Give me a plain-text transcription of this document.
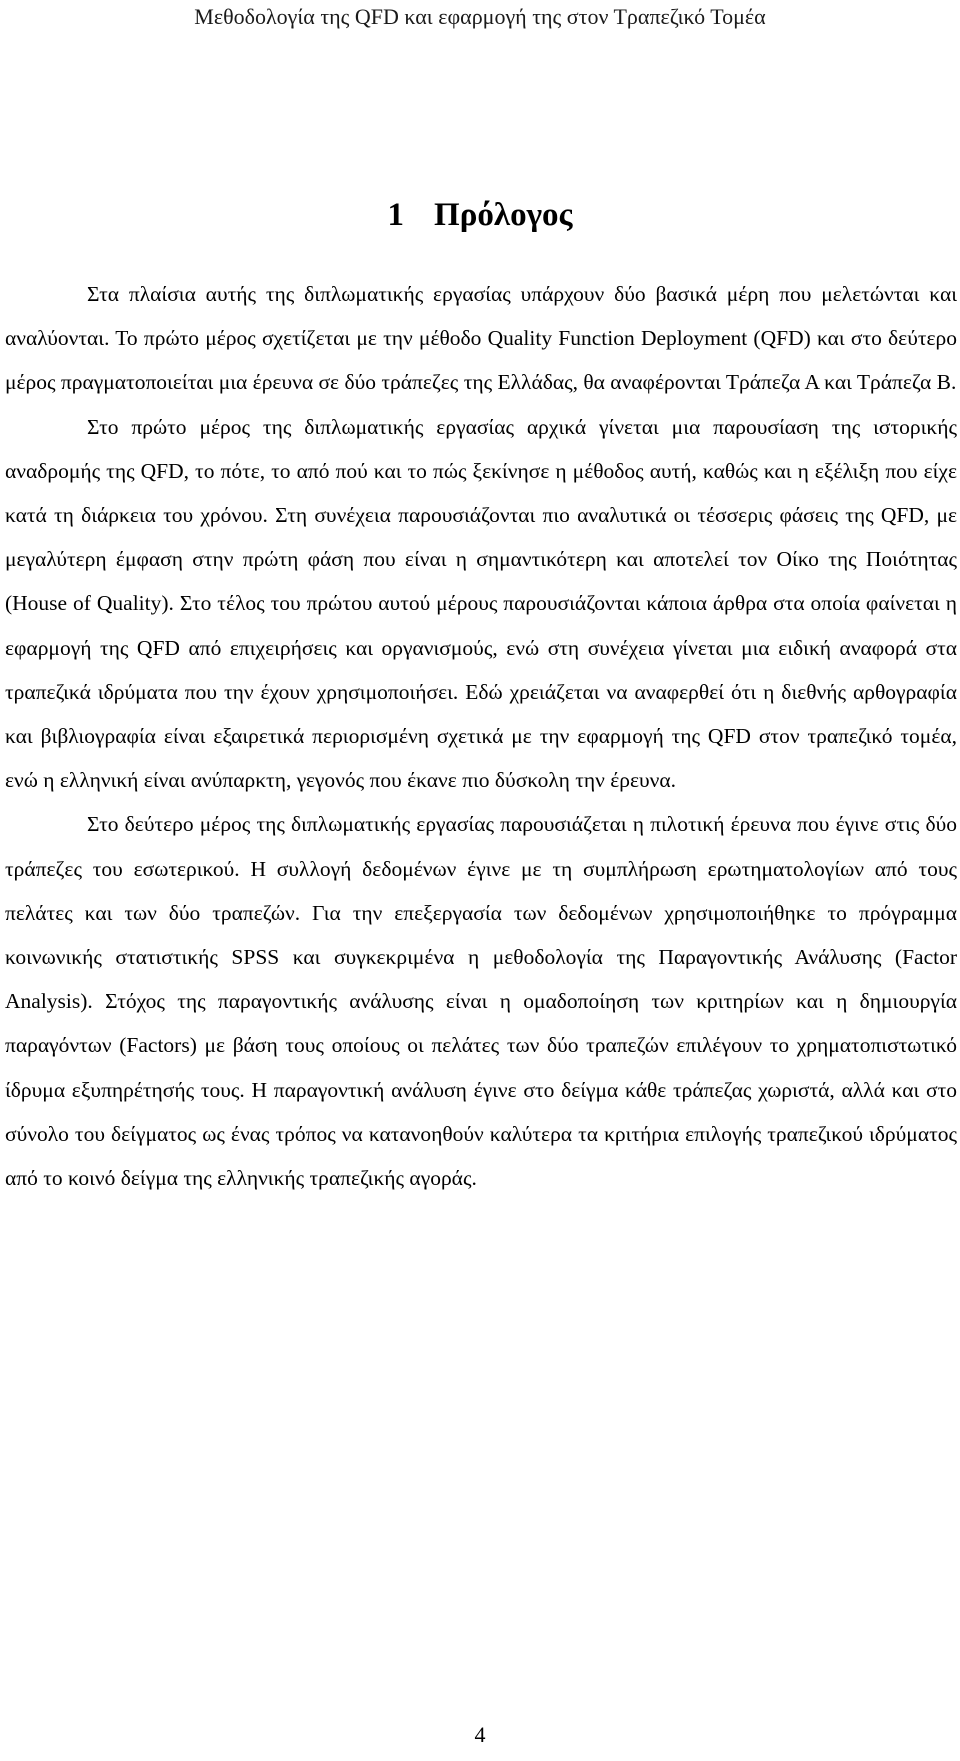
Μεθοδολογία της QFD και εφαρμογή της στον Τραπεζικό Τομέα
1 Πρόλογος

Στα πλαίσια αυτής της διπλωματικής εργασίας υπάρχουν δύο βασικά μέρη που μελετώνται και αναλύονται. Το πρώτο μέρος σχετίζεται με την μέθοδο Quality Function Deployment (QFD) και στο δεύτερο μέρος πραγματοποιείται μια έρευνα σε δύο τράπεζες της Ελλάδας, θα αναφέρονται Τράπεζα Α και Τράπεζα Β.

Στο πρώτο μέρος της διπλωματικής εργασίας αρχικά γίνεται μια παρουσίαση της ιστορικής αναδρομής της QFD, το πότε, το από πού και το πώς ξεκίνησε η μέθοδος αυτή, καθώς και η εξέλιξη που είχε κατά τη διάρκεια του χρόνου. Στη συνέχεια παρουσιάζονται πιο αναλυτικά οι τέσσερις φάσεις της QFD, με μεγαλύτερη έμφαση στην πρώτη φάση που είναι η σημαντικότερη και αποτελεί τον Οίκο της Ποιότητας (House of Quality). Στο τέλος του πρώτου αυτού μέρους παρουσιάζονται κάποια άρθρα στα οποία φαίνεται η εφαρμογή της QFD από επιχειρήσεις και οργανισμούς, ενώ στη συνέχεια γίνεται μια ειδική αναφορά στα τραπεζικά ιδρύματα που την έχουν χρησιμοποιήσει. Εδώ χρειάζεται να αναφερθεί ότι η διεθνής αρθογραφία και βιβλιογραφία είναι εξαιρετικά περιορισμένη σχετικά με την εφαρμογή της QFD στον τραπεζικό τομέα, ενώ η ελληνική είναι ανύπαρκτη, γεγονός που έκανε πιο δύσκολη την έρευνα.

Στο δεύτερο μέρος της διπλωματικής εργασίας παρουσιάζεται η πιλοτική έρευνα που έγινε στις δύο τράπεζες του εσωτερικού. Η συλλογή δεδομένων έγινε με τη συμπλήρωση ερωτηματολογίων από τους πελάτες και των δύο τραπεζών. Για την επεξεργασία των δεδομένων χρησιμοποιήθηκε το πρόγραμμα κοινωνικής στατιστικής SPSS και συγκεκριμένα η μεθοδολογία της Παραγοντικής Ανάλυσης (Factor Analysis). Στόχος της παραγοντικής ανάλυσης είναι η ομαδοποίηση των κριτηρίων και η δημιουργία παραγόντων (Factors) με βάση τους οποίους οι πελάτες των δύο τραπεζών επιλέγουν το χρηματοπιστωτικό ίδρυμα εξυπηρέτησής τους. Η παραγοντική ανάλυση έγινε στο δείγμα κάθε τράπεζας χωριστά, αλλά και στο σύνολο του δείγματος ως ένας τρόπος να κατανοηθούν καλύτερα τα κριτήρια επιλογής τραπεζικού ιδρύματος από το κοινό δείγμα της ελληνικής τραπεζικής αγοράς.

4
